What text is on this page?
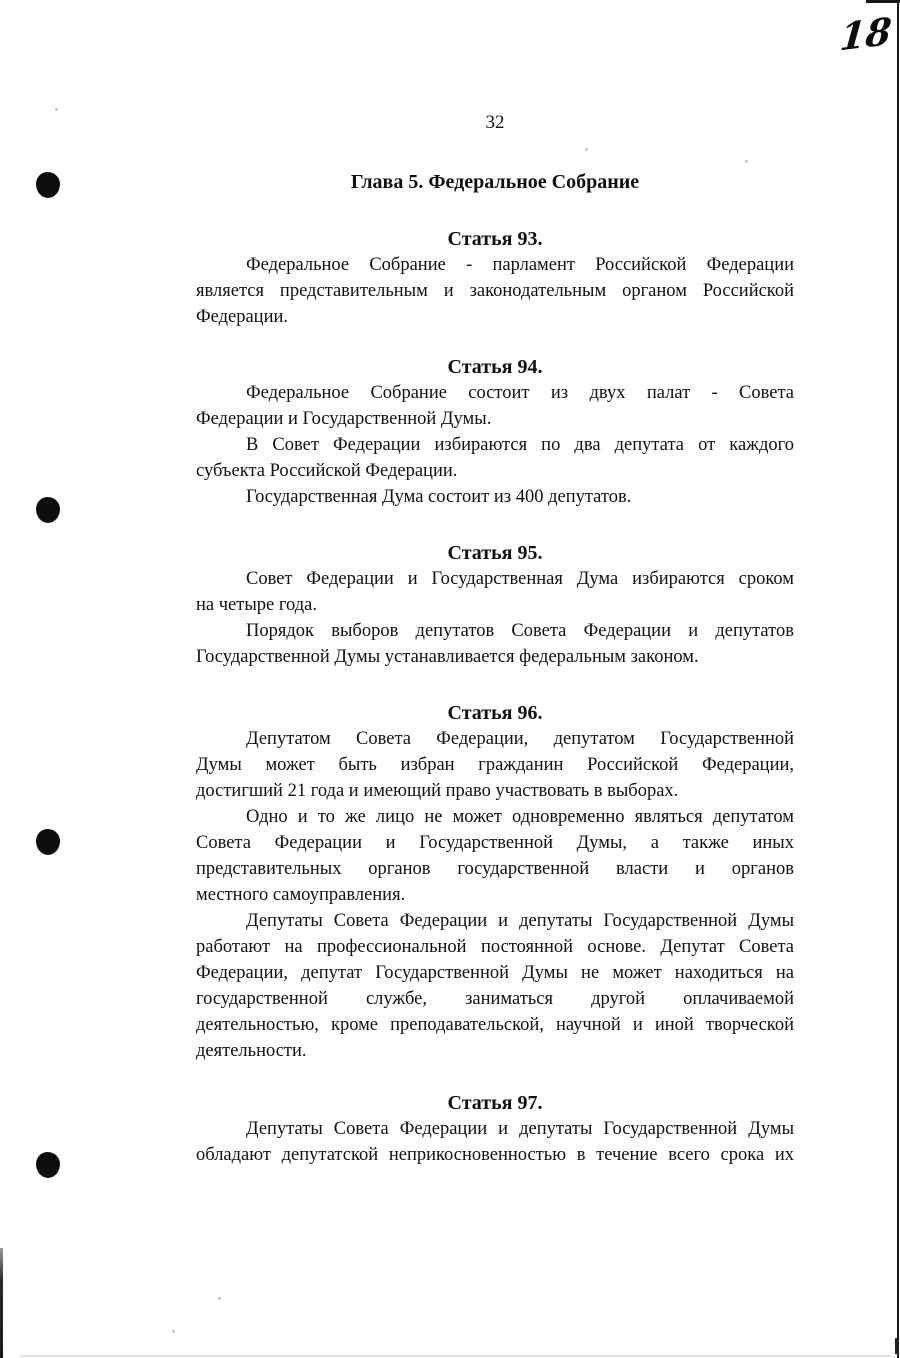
18
32
Глава 5. Федеральное Собрание
Статья 93.
Федеральное Собрание - парламент Российской Федерации
является представительным и законодательным органом Российской
Федерации.
Статья 94.
Федеральное Собрание состоит из двух палат - Совета
Федерации и Государственной Думы.
В Совет Федерации избираются по два депутата от каждого
субъекта Российской Федерации.
Государственная Дума состоит из 400 депутатов.
Статья 95.
Совет Федерации и Государственная Дума избираются сроком
на четыре года.
Порядок выборов депутатов Совета Федерации и депутатов
Государственной Думы устанавливается федеральным законом.
Статья 96.
Депутатом Совета Федерации, депутатом Государственной
Думы может быть избран гражданин Российской Федерации,
достигший 21 года и имеющий право участвовать в выборах.
Одно и то же лицо не может одновременно являться депутатом
Совета Федерации и Государственной Думы, а также иных
представительных органов государственной власти и органов
местного самоуправления.
Депутаты Совета Федерации и депутаты Государственной Думы
работают на профессиональной постоянной основе. Депутат Совета
Федерации, депутат Государственной Думы не может находиться на
государственной службе, заниматься другой оплачиваемой
деятельностью, кроме преподавательской, научной и иной творческой
деятельности.
Статья 97.
Депутаты Совета Федерации и депутаты Государственной Думы
обладают депутатской неприкосновенностью в течение всего срока их
